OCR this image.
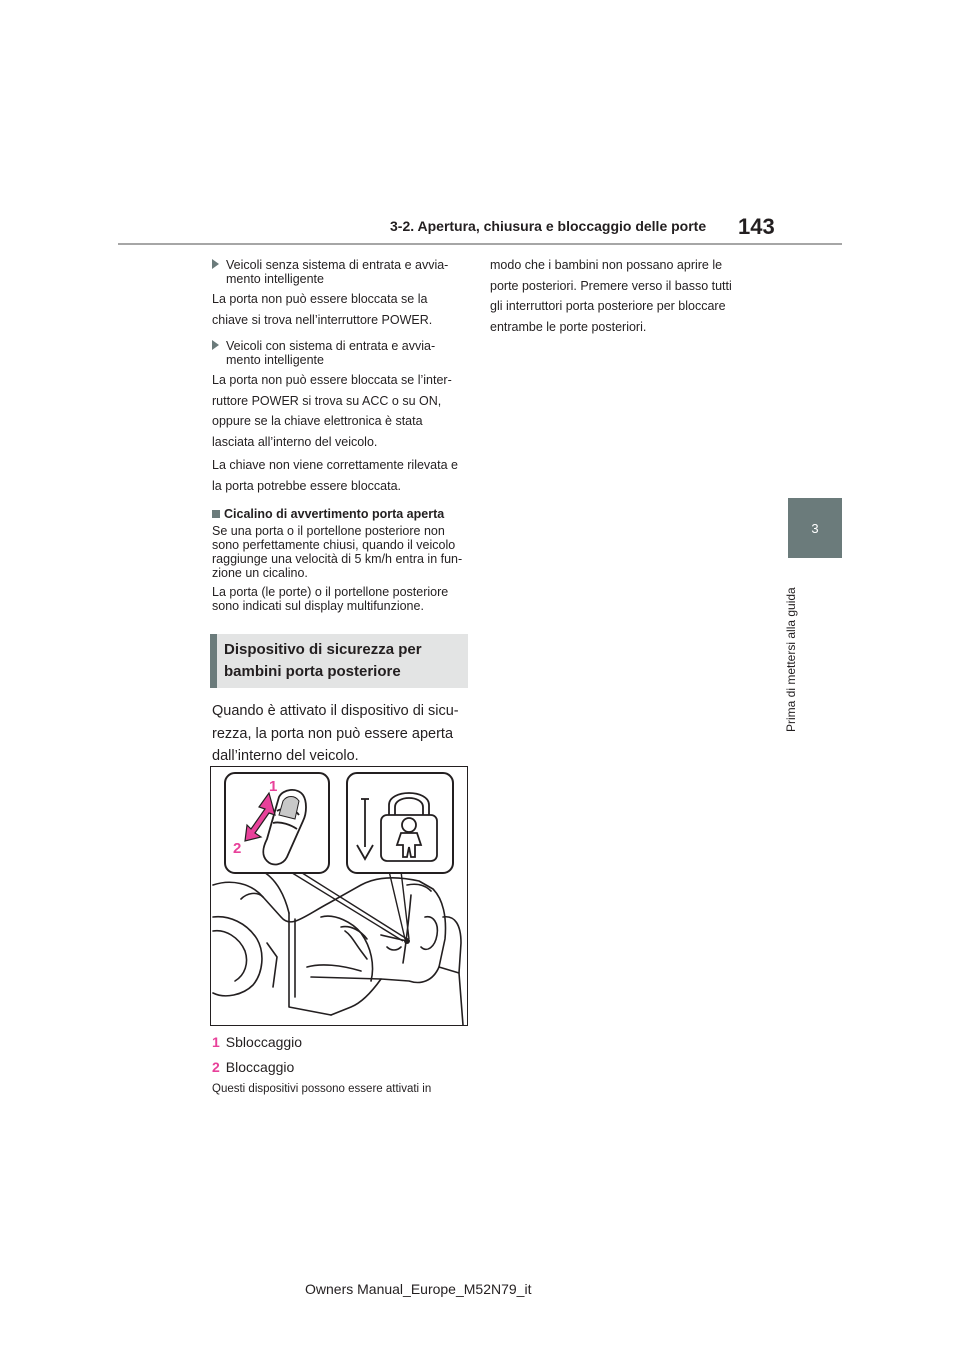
3-2. Apertura, chiusura e bloccaggio delle porte 143
3
Prima di mettersi alla guida
Veicoli senza sistema di entrata e avvia-
mento intelligente
La porta non può essere bloccata se la
chiave si trova nell’interruttore POWER.
Veicoli con sistema di entrata e avvia-
mento intelligente
La porta non può essere bloccata se l’inter-
ruttore POWER si trova su ACC o su ON,
oppure se la chiave elettronica è stata
lasciata all’interno del veicolo.
La chiave non viene correttamente rilevata e
la porta potrebbe essere bloccata.
Cicalino di avvertimento porta aperta
Se una porta o il portellone posteriore non
sono perfettamente chiusi, quando il veicolo
raggiunge una velocità di 5 km/h entra in fun-
zione un cicalino.
La porta (le porte) o il portellone posteriore
sono indicati sul display multifunzione.
Dispositivo di sicurezza per
bambini porta posteriore
Quando è attivato il dispositivo di sicu-
rezza, la porta non può essere aperta
dall’interno del veicolo.
1
2
1 Sbloccaggio
2 Bloccaggio
Questi dispositivi possono essere attivati in
modo che i bambini non possano aprire le
porte posteriori. Premere verso il basso tutti
gli interruttori porta posteriore per bloccare
entrambe le porte posteriori.
Owners Manual_Europe_M52N79_it
